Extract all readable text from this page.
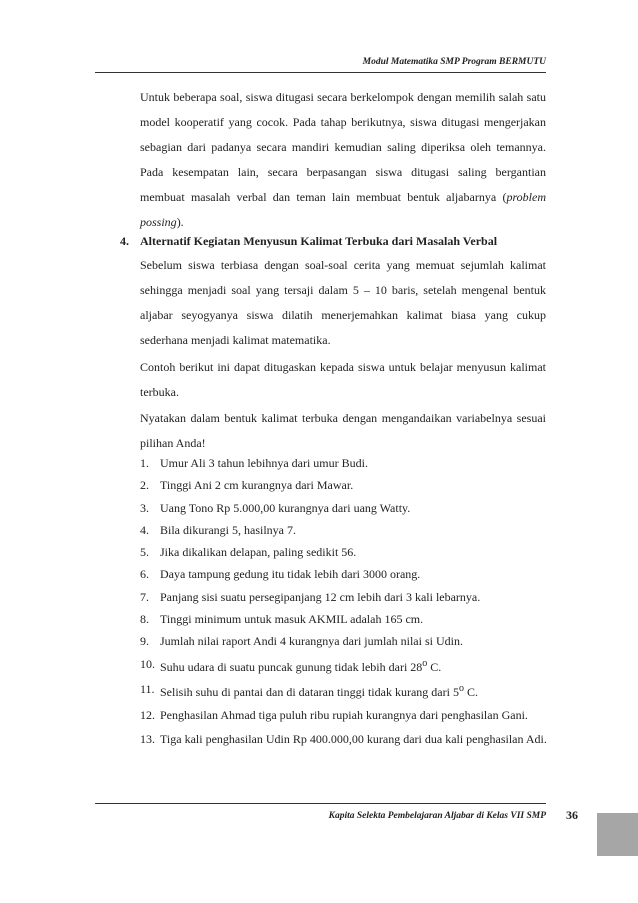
Modul Matematika SMP Program BERMUTU

Untuk beberapa soal, siswa ditugasi secara berkelompok dengan memilih salah satu model kooperatif yang cocok. Pada tahap berikutnya, siswa ditugasi mengerjakan sebagian dari padanya secara mandiri kemudian saling diperiksa oleh temannya. Pada kesempatan lain, secara berpasangan siswa ditugasi saling bergantian membuat masalah verbal dan teman lain membuat bentuk aljabarnya (problem possing).

4. Alternatif Kegiatan Menyusun Kalimat Terbuka dari Masalah Verbal

Sebelum siswa terbiasa dengan soal-soal cerita yang memuat sejumlah kalimat sehingga menjadi soal yang tersaji dalam 5 – 10 baris, setelah mengenal bentuk aljabar seyogyanya siswa dilatih menerjemahkan kalimat biasa yang cukup sederhana menjadi kalimat matematika.

Contoh berikut ini dapat ditugaskan kepada siswa untuk belajar menyusun kalimat terbuka.

Nyatakan dalam bentuk kalimat terbuka dengan mengandaikan variabelnya sesuai pilihan Anda!

1. Umur Ali 3 tahun lebihnya dari umur Budi.
2. Tinggi Ani 2 cm kurangnya dari Mawar.
3. Uang Tono Rp 5.000,00 kurangnya dari uang Watty.
4. Bila dikurangi 5, hasilnya 7.
5. Jika dikalikan delapan, paling sedikit 56.
6. Daya tampung gedung itu tidak lebih dari 3000 orang.
7. Panjang sisi suatu persegipanjang 12 cm lebih dari 3 kali lebarnya.
8. Tinggi minimum untuk masuk AKMIL adalah 165 cm.
9. Jumlah nilai raport Andi 4 kurangnya dari jumlah nilai si Udin.
10. Suhu udara di suatu puncak gunung tidak lebih dari 28$^o$ C.
11. Selisih suhu di pantai dan di dataran tinggi tidak kurang dari 5$^o$ C.
12. Penghasilan Ahmad tiga puluh ribu rupiah kurangnya dari penghasilan Gani.
13. Tiga kali penghasilan Udin Rp 400.000,00 kurang dari dua kali penghasilan Adi.
Kapita Selekta Pembelajaran Aljabar di Kelas VII SMP 36
